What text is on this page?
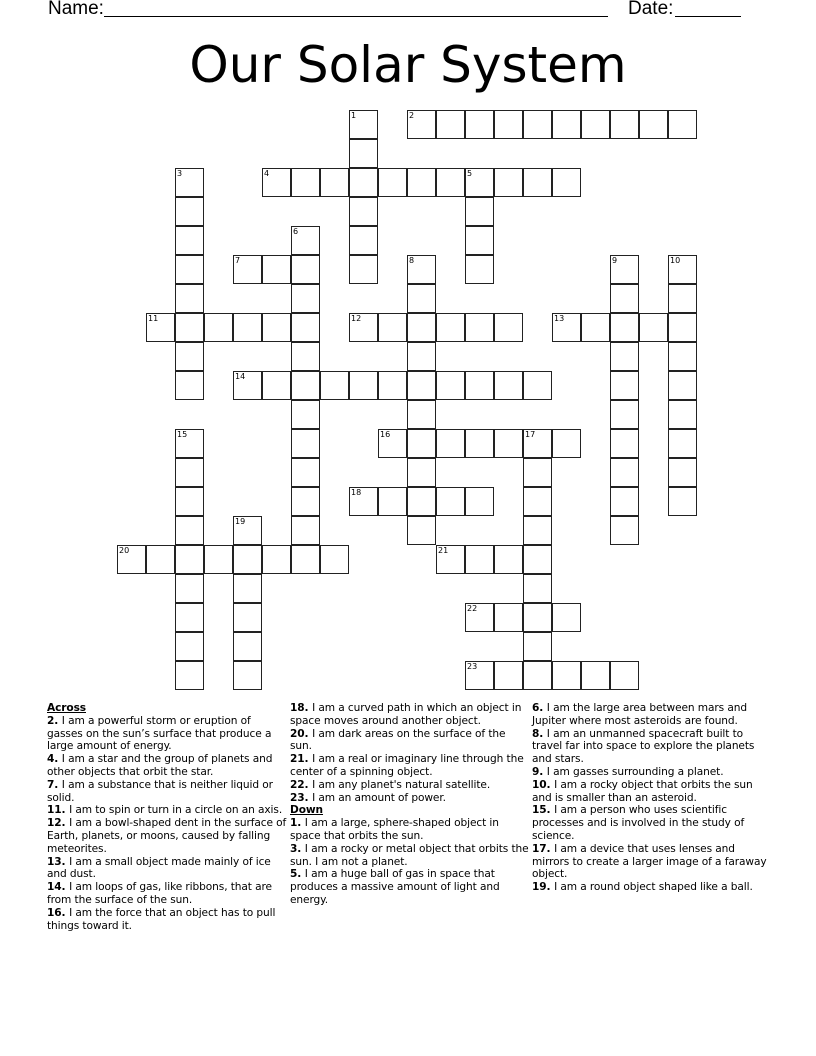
Name:	Date:
Our Solar System
1	2
3	4	5
6
7	8	9	10
11	12	13
14
15	16	17
18
19
20	21
22
23
Across
2. I am a powerful storm or eruption of gasses on the sun’s surface that produce a large amount of energy.
4. I am a star and the group of planets and other objects that orbit the star.
7. I am a substance that is neither liquid or solid.
11. I am to spin or turn in a circle on an axis.
12. I am a bowl-shaped dent in the surface of Earth, planets, or moons, caused by falling meteorites.
13. I am a small object made mainly of ice and dust.
14. I am loops of gas, like ribbons, that are from the surface of the sun.
16. I am the force that an object has to pull things toward it.
18. I am a curved path in which an object in space moves around another object.
20. I am dark areas on the surface of the sun.
21. I am a real or imaginary line through the center of a spinning object.
22. I am any planet's natural satellite.
23. I am an amount of power.
Down
1. I am a large, sphere-shaped object in space that orbits the sun.
3. I am a rocky or metal object that orbits the sun. I am not a planet.
5. I am a huge ball of gas in space that produces a massive amount of light and energy.
6. I am the large area between mars and Jupiter where most asteroids are found.
8. I am an unmanned spacecraft built to travel far into space to explore the planets and stars.
9. I am gasses surrounding a planet.
10. I am a rocky object that orbits the sun and is smaller than an asteroid.
15. I am a person who uses scientific processes and is involved in the study of science.
17. I am a device that uses lenses and mirrors to create a larger image of a faraway object.
19. I am a round object shaped like a ball.
